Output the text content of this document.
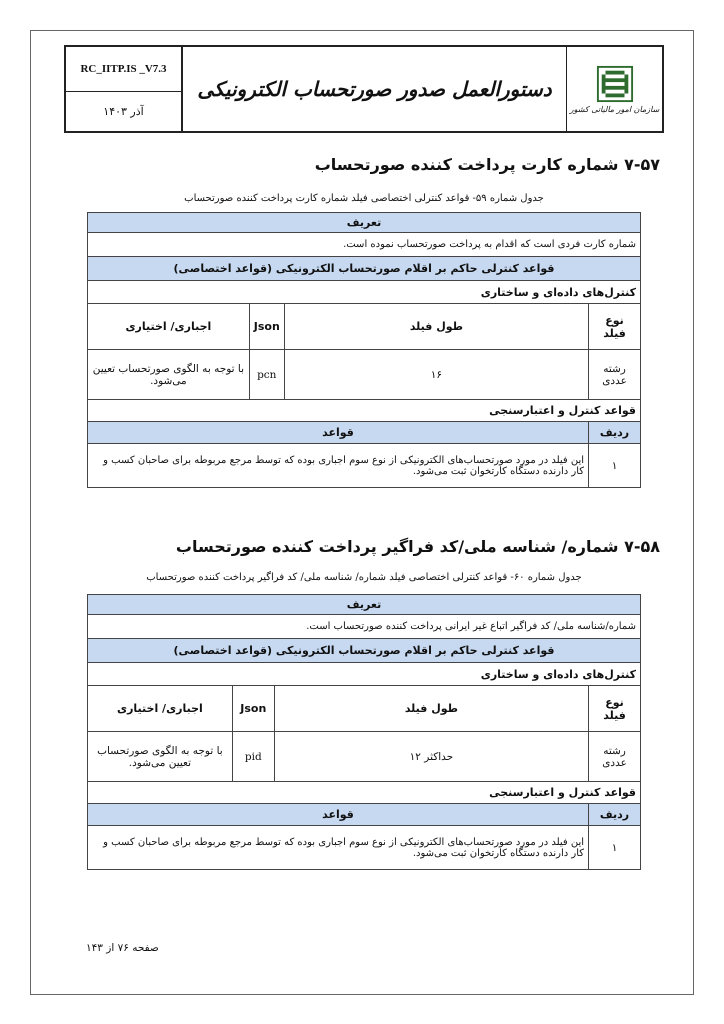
RC_IITP.IS _V7.3
آذر ۱۴۰۳
دستورالعمل صدور صورتحساب الکترونیکی
سازمان امور مالیاتی کشور
۷-۵۷ شماره کارت پرداخت کننده صورتحساب
جدول شماره ۵۹- قواعد کنترلی اختصاصی فیلد شماره کارت پرداخت کننده صورتحساب
تعریف			
شماره کارت فردی است که اقدام به پرداخت صورتحساب نموده است.			
قواعد کنترلی حاکم بر اقلام صورتحساب الکترونیکی (قواعد اختصاصی)			
کنترل‌های داده‌ای و ساختاری			
نوع فیلد	طول فیلد	Json	اجباری/ اختیاری
رشته عددی	۱۶	pcn	با توجه به الگوی صورتحساب تعیین می‌شود.
قواعد کنترل و اعتبارسنجی			
ردیف	قواعد		
۱	این فیلد در مورد صورتحساب‌های الکترونیکی از نوع سوم اجباری بوده که توسط مرجع مربوطه برای صاحبان کسب و کار دارنده دستگاه کارتخوان ثبت می‌شود.		
۷-۵۸ شماره/ شناسه ملی/کد فراگیر پرداخت کننده صورتحساب
جدول شماره ۶۰- قواعد کنترلی اختصاصی فیلد شماره/ شناسه ملی/ کد فراگیر پرداخت کننده صورتحساب
تعریف			
شماره/شناسه ملی/ کد فراگیر اتباع غیر ایرانی پرداخت کننده صورتحساب است.			
قواعد کنترلی حاکم بر اقلام صورتحساب الکترونیکی (قواعد اختصاصی)			
کنترل‌های داده‌ای و ساختاری			
نوع فیلد	طول فیلد	Json	اجباری/ اختیاری
رشته عددی	حداکثر ۱۲	pid	با توجه به الگوی صورتحساب تعیین می‌شود.
قواعد کنترل و اعتبارسنجی			
ردیف	قواعد		
۱	این فیلد در مورد صورتحساب‌های الکترونیکی از نوع سوم اجباری بوده که توسط مرجع مربوطه برای صاحبان کسب و کار دارنده دستگاه کارتخوان ثبت می‌شود.		
صفحه ۷۶ از ۱۴۳
